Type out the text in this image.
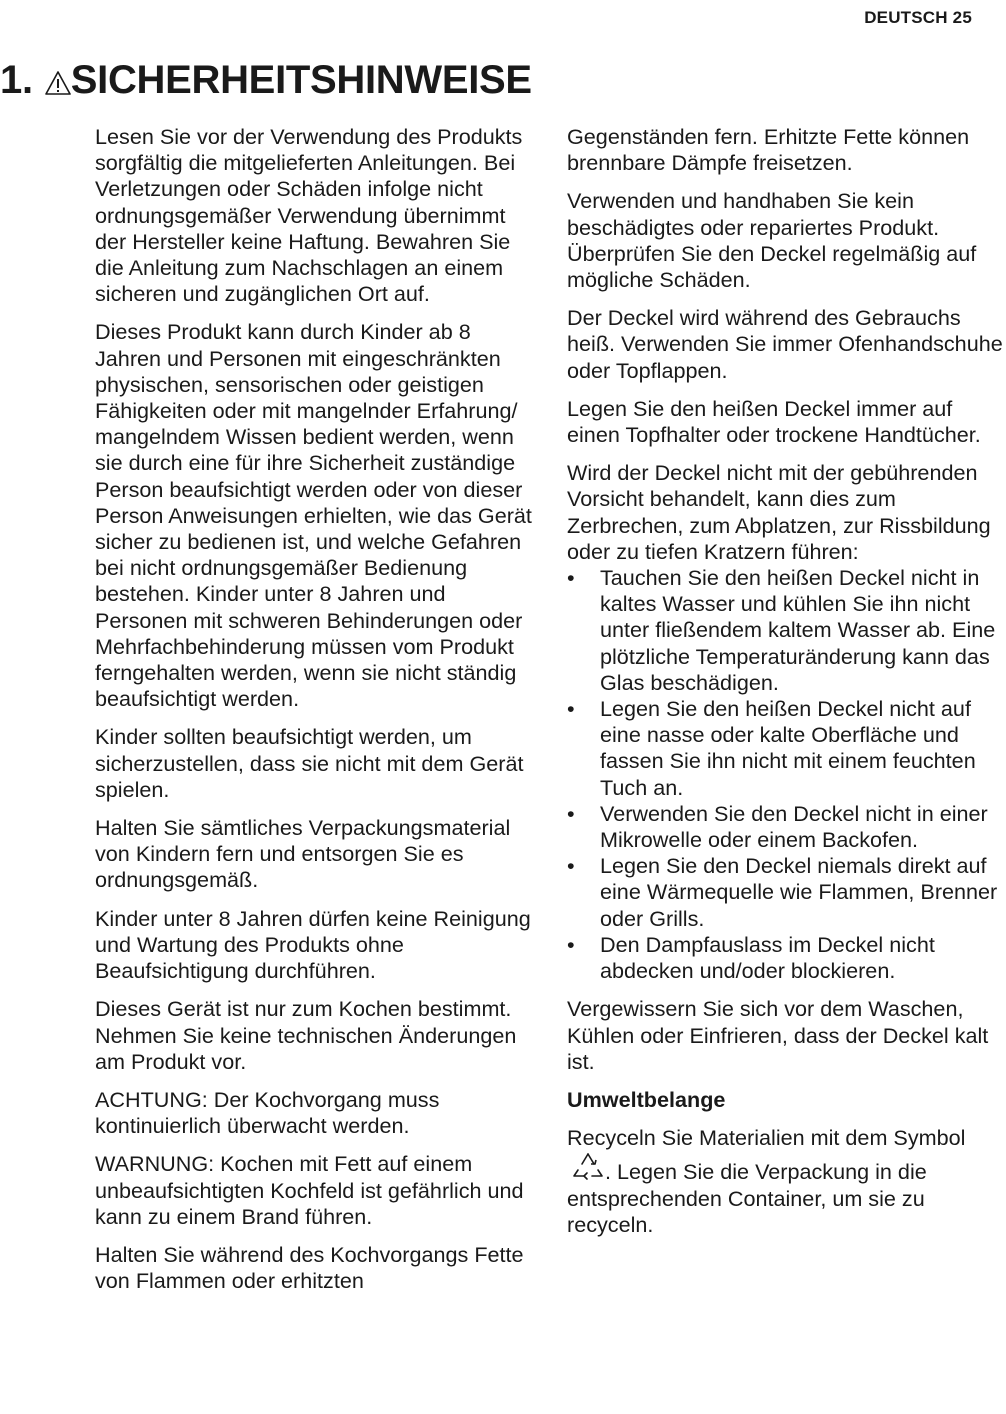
DEUTSCH 25
1. SICHERHEITSHINWEISE

Lesen Sie vor der Verwendung des Produkts sorgfältig die mitgelieferten Anleitungen. Bei Verletzungen oder Schäden infolge nicht ordnungsgemäßer Verwendung übernimmt der Hersteller keine Haftung. Bewahren Sie die Anleitung zum Nachschlagen an einem sicheren und zugänglichen Ort auf.

Dieses Produkt kann durch Kinder ab 8 Jahren und Personen mit eingeschränkten physischen, sensorischen oder geistigen Fähigkeiten oder mit mangelnder Erfahrung/ mangelndem Wissen bedient werden, wenn sie durch eine für ihre Sicherheit zuständige Person beaufsichtigt werden oder von dieser Person Anweisungen erhielten, wie das Gerät sicher zu bedienen ist, und welche Gefahren bei nicht ordnungsgemäßer Bedienung bestehen. Kinder unter 8 Jahren und Personen mit schweren Behinderungen oder Mehrfachbehinderung müssen vom Produkt ferngehalten werden, wenn sie nicht ständig beaufsichtigt werden.

Kinder sollten beaufsichtigt werden, um sicherzustellen, dass sie nicht mit dem Gerät spielen.

Halten Sie sämtliches Verpackungsmaterial von Kindern fern und entsorgen Sie es ordnungsgemäß.

Kinder unter 8 Jahren dürfen keine Reinigung und Wartung des Produkts ohne Beaufsichtigung durchführen.

Dieses Gerät ist nur zum Kochen bestimmt. Nehmen Sie keine technischen Änderungen am Produkt vor.

ACHTUNG: Der Kochvorgang muss kontinuierlich überwacht werden.

WARNUNG: Kochen mit Fett auf einem unbeaufsichtigten Kochfeld ist gefährlich und kann zu einem Brand führen.

Halten Sie während des Kochvorgangs Fette von Flammen oder erhitzten

Gegenständen fern. Erhitzte Fette können brennbare Dämpfe freisetzen.

Verwenden und handhaben Sie kein beschädigtes oder repariertes Produkt. Überprüfen Sie den Deckel regelmäßig auf mögliche Schäden.

Der Deckel wird während des Gebrauchs heiß. Verwenden Sie immer Ofenhandschuhe oder Topflappen.

Legen Sie den heißen Deckel immer auf einen Topfhalter oder trockene Handtücher.

Wird der Deckel nicht mit der gebührenden Vorsicht behandelt, kann dies zum Zerbrechen, zum Abplatzen, zur Rissbildung oder zu tiefen Kratzern führen:

• Tauchen Sie den heißen Deckel nicht in kaltes Wasser und kühlen Sie ihn nicht unter fließendem kaltem Wasser ab. Eine plötzliche Temperaturänderung kann das Glas beschädigen.
• Legen Sie den heißen Deckel nicht auf eine nasse oder kalte Oberfläche und fassen Sie ihn nicht mit einem feuchten Tuch an.
• Verwenden Sie den Deckel nicht in einer Mikrowelle oder einem Backofen.
• Legen Sie den Deckel niemals direkt auf eine Wärmequelle wie Flammen, Brenner oder Grills.
• Den Dampfauslass im Deckel nicht abdecken und/oder blockieren.

Vergewissern Sie sich vor dem Waschen, Kühlen oder Einfrieren, dass der Deckel kalt ist.

Umweltbelange

Recyceln Sie Materialien mit dem Symbol. Legen Sie die Verpackung in die entsprechenden Container, um sie zu recyceln.
